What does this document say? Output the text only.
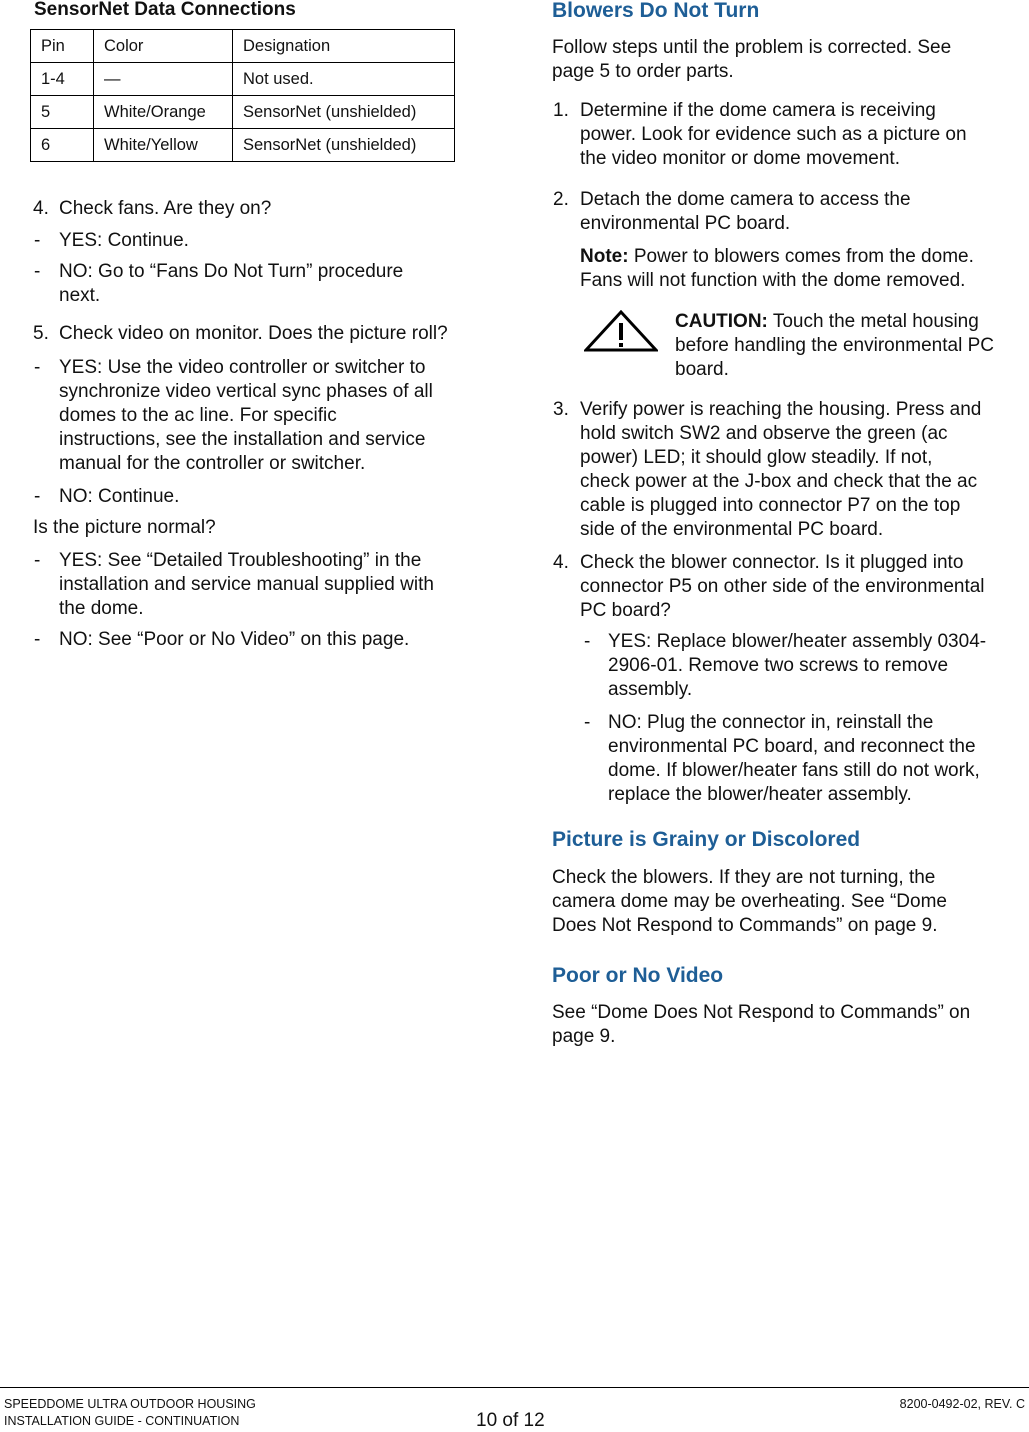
SensorNet Data Connections
Pin	Color	Designation
1-4	—	Not used.
5	White/Orange	SensorNet (unshielded)
6	White/Yellow	SensorNet (unshielded)
4. Check fans. Are they on?
- YES: Continue.
- NO: Go to “Fans Do Not Turn” procedure
next.
5. Check video on monitor. Does the picture roll?
- YES: Use the video controller or switcher to
synchronize video vertical sync phases of all
domes to the ac line. For specific
instructions, see the installation and service
manual for the controller or switcher.
- NO: Continue.
Is the picture normal?
- YES: See “Detailed Troubleshooting” in the
installation and service manual supplied with
the dome.
- NO: See “Poor or No Video” on this page.
Blowers Do Not Turn
Follow steps until the problem is corrected. See
page 5 to order parts.
1. Determine if the dome camera is receiving
power. Look for evidence such as a picture on
the video monitor or dome movement.
2. Detach the dome camera to access the
environmental PC board.
Note: Power to blowers comes from the dome.
Fans will not function with the dome removed.
CAUTION: Touch the metal housing
before handling the environmental PC
board.
3. Verify power is reaching the housing. Press and
hold switch SW2 and observe the green (ac
power) LED; it should glow steadily. If not,
check power at the J-box and check that the ac
cable is plugged into connector P7 on the top
side of the environmental PC board.
4. Check the blower connector. Is it plugged into
connector P5 on other side of the environmental
PC board?
- YES: Replace blower/heater assembly 0304-
2906-01. Remove two screws to remove
assembly.
- NO: Plug the connector in, reinstall the
environmental PC board, and reconnect the
dome. If blower/heater fans still do not work,
replace the blower/heater assembly.
Picture is Grainy or Discolored
Check the blowers. If they are not turning, the
camera dome may be overheating. See “Dome
Does Not Respond to Commands” on page 9.
Poor or No Video
See “Dome Does Not Respond to Commands” on
page 9.
SPEEDDOME ULTRA OUTDOOR HOUSING
INSTALLATION GUIDE - CONTINUATION	10 of 12
8200-0492-02, REV. C
